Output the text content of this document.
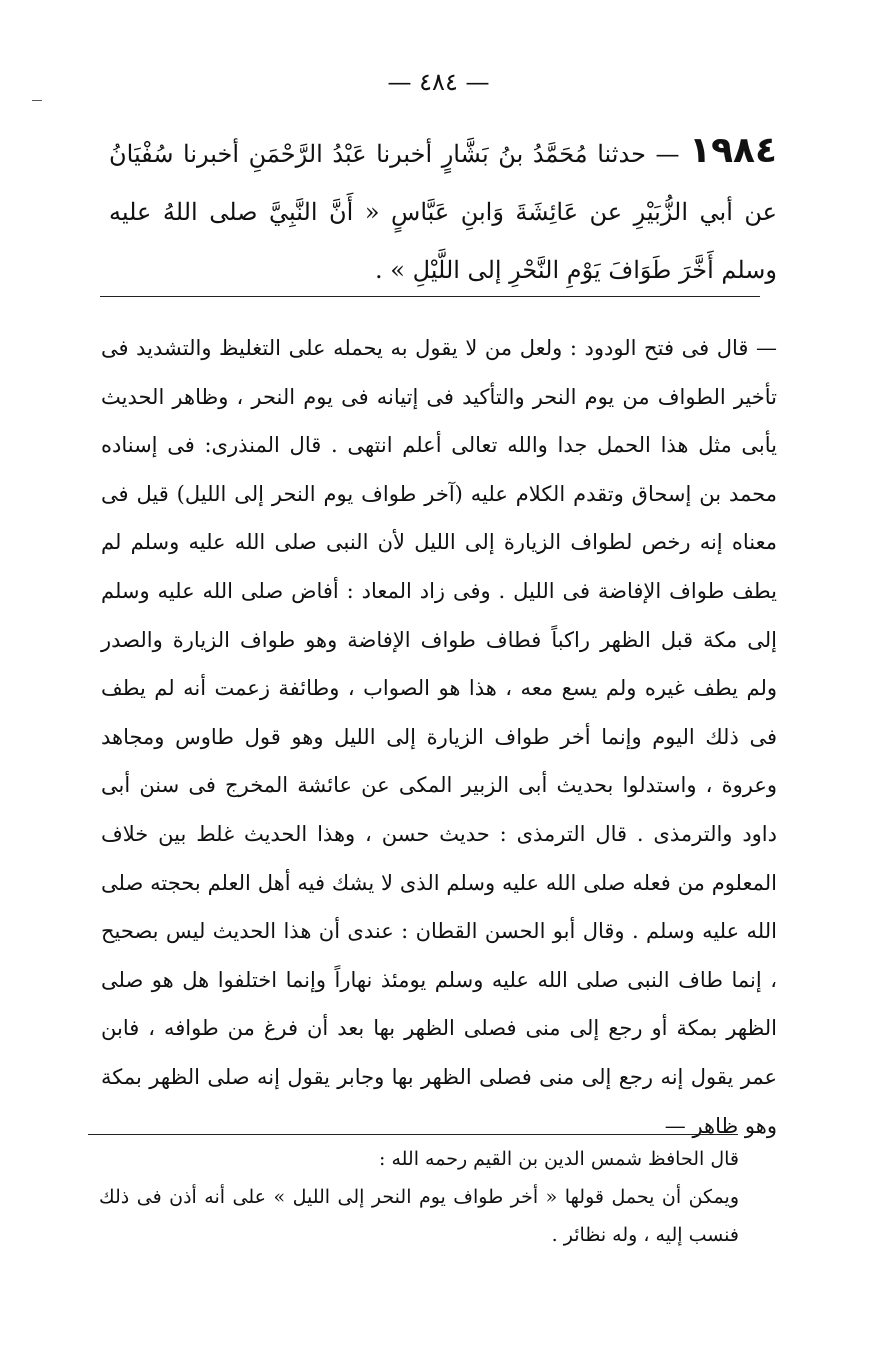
— ٤٨٤ —
١٩٨٤ — حدثنا مُحَمَّدُ بنُ بَشَّارٍ أخبرنا عَبْدُ الرَّحْمَنِ أخبرنا سُفْيَانُ عن أبي الزُّبَيْرِ عن عَائِشَةَ وَابنِ عَبَّاسٍ « أَنَّ النَّبِيَّ صلى اللهُ عليه وسلم أَخَّرَ طَوَافَ يَوْمِ النَّحْرِ إلى اللَّيْلِ » .
— قال فى فتح الودود : ولعل من لا يقول به يحمله على التغليظ والتشديد فى تأخير الطواف من يوم النحر والتأكيد فى إتيانه فى يوم النحر ، وظاهر الحديث يأبى مثل هذا الحمل جدا والله تعالى أعلم انتهى . قال المنذرى: فى إسناده محمد بن إسحاق وتقدم الكلام عليه (آخر طواف يوم النحر إلى الليل) قيل فى معناه إنه رخص لطواف الزيارة إلى الليل لأن النبى صلى الله عليه وسلم لم يطف طواف الإفاضة فى الليل . وفى زاد المعاد : أفاض صلى الله عليه وسلم إلى مكة قبل الظهر راكباً فطاف طواف الإفاضة وهو طواف الزيارة والصدر ولم يطف غيره ولم يسع معه ، هذا هو الصواب ، وطائفة زعمت أنه لم يطف فى ذلك اليوم وإنما أخر طواف الزيارة إلى الليل وهو قول طاوس ومجاهد وعروة ، واستدلوا بحديث أبى الزبير المكى عن عائشة المخرج فى سنن أبى داود والترمذى . قال الترمذى : حديث حسن ، وهذا الحديث غلط بين خلاف المعلوم من فعله صلى الله عليه وسلم الذى لا يشك فيه أهل العلم بحجته صلى الله عليه وسلم . وقال أبو الحسن القطان : عندى أن هذا الحديث ليس بصحيح ، إنما طاف النبى صلى الله عليه وسلم يومئذ نهاراً وإنما اختلفوا هل هو صلى الظهر بمكة أو رجع إلى منى فصلى الظهر بها بعد أن فرغ من طوافه ، فابن عمر يقول إنه رجع إلى منى فصلى الظهر بها وجابر يقول إنه صلى الظهر بمكة وهو ظاهر —

قال الحافظ شمس الدين بن القيم رحمه الله :

ويمكن أن يحمل قولها « أخر طواف يوم النحر إلى الليل » على أنه أذن فى ذلك فنسب إليه ، وله نظائر .
